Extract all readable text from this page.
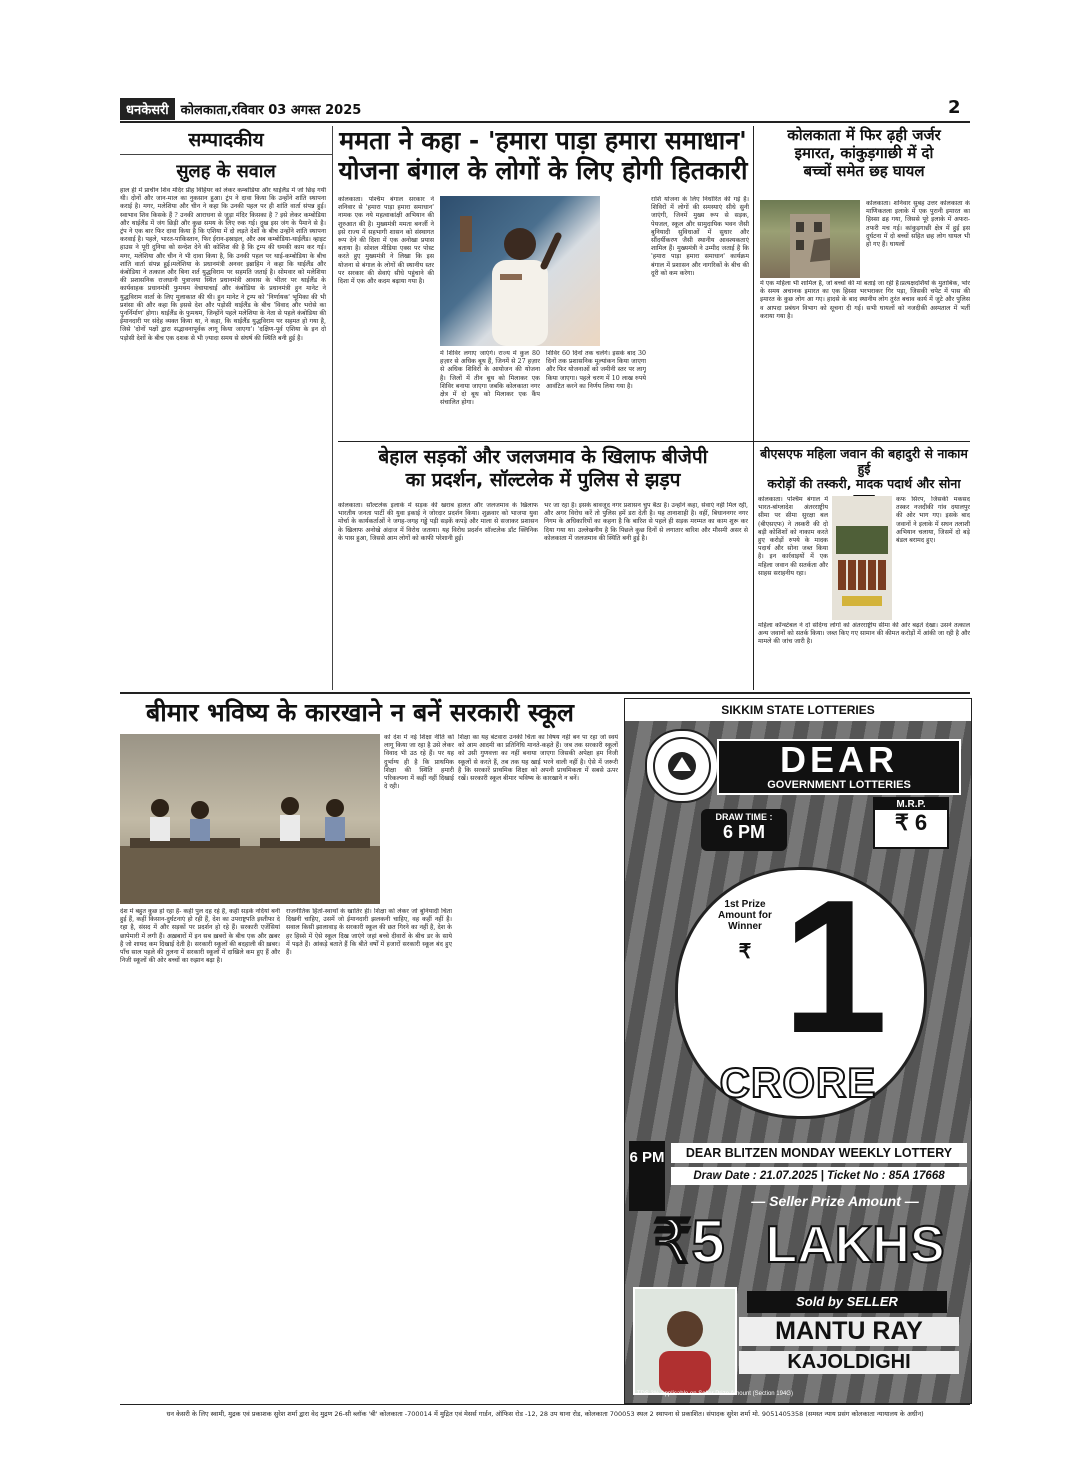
धनकेसरी कोलकाता,रविवार 03 अगस्त 2025	2
सम्पादकीय
सुलह के सवाल
हाल ही में प्राचीन शिव मंदिर प्रीह विहियर को लेकर कम्बोडिया और थाईलैंड में जो छिड़ गयी थी। दोनों और जान-माल का नुकसान हुआ। ट्रंप ने दावा किया कि उन्होंने शांति स्थापना कराई है। मगर, मलेशिया और चीन ने कहा कि उनकी पहल पर ही शांति वार्ता संपन्न हुई।स्वाभाव शिव किसके हैं ? उनकी आराधना से जुड़ा मंदिर किसका है ? इसे लेकर कम्बोडिया और थाईलैंड में जंग छिड़ी और कुछ समय के लिए रुक गई। दुख इस जंग के पैमाने से है। ट्रंप ने एक बार फिर दावा किया है कि एशिया में दो लड़ते देशों के बीच उन्होंने शांति स्थापना करवाई है। पहले, भारत-पाकिस्तान, फिर ईरान-इस्राइल, और अब कम्बोडिया-थाईलैंड। व्हाइट हाउस ने पूरी दुनिया को सन्देश देने की कोशिश की है कि ट्रम्प की धमकी काम कर गई। मगर, मलेशिया और चीन ने भी दावा किया है, कि उनकी पहल पर थाई-कम्बोडिया के बीच शांति वार्ता संपन्न हुई।मलेशिया के प्रधानमंत्री अनवर इब्राहिम ने कहा कि थाईलैंड और कंबोडिया ने तत्काल और बिना शर्त युद्धविराम पर सहमति जताई है। सोमवार को मलेशिया की प्रशासनिक राजधानी पुत्राजया स्थित प्रधानमंत्री आवास के भीतर पर थाईलैंड के कार्यवाहक प्रधानमंत्री फुमथम वेचायाचाई और कंबोडिया के प्रधानमंत्री हुन मानेट ने युद्धविराम वार्ता के लिए मुलाकात की थी। हुन मानेट ने ट्रम्प को 'निर्णायक' भूमिका की भी प्रशंसा की और कहा कि इससे देश और पड़ोसी थाईलैंड के बीच 'विवाद और भरोसे का पुनर्निर्माण' होगा। थाईलैंड के फुमथम, जिन्होंने पहले मलेशिया के नेता से पहले कंबोडिया की ईमानदारी पर संदेह व्यक्त किया था, ने कहा, कि थाईलैंड युद्धविराम पर सहमत हो गया है, जिसे 'दोनों पक्षों द्वारा सद्भावनापूर्वक लागू किया जाएगा'। 'दक्षिण-पूर्व एशिया के इन दो पड़ोसी देशों के बीच एक दशक से भी ज़्यादा समय से संघर्ष की स्थिति बनी हुई है।
ममता ने कहा - 'हमारा पाड़ा हमारा समाधान'
योजना बंगाल के लोगों के लिए होगी हितकारी
कोलकाता। पश्चिम बंगाल सरकार ने शनिवार से 'हमारा पाड़ा हमारा समाधान' नामक एक नये महत्वाकांक्षी अभियान की शुरुआत की है। मुख्यमंत्री ममता बनर्जी ने इसे राज्य में सहभागी शासन को संस्थागत रूप देने की दिशा में एक अनोखा प्रयास बताया है। सोशल मीडिया एक्स पर पोस्ट करते हुए मुख्यमंत्री ने लिखा कि इस योजना से बंगाल के लोगों की स्थानीय स्तर पर सरकार की सेवाएं सीधे पहुंचाने की दिशा में एक और कदम बढ़ाया गया है।
में शिविर लगाए जाएंगे। राज्य में कुल 80 हज़ार से अधिक बूथ हैं, जिनमें से 27 हज़ार से अधिक शिविरों के आयोजन की योजना है। जिलों में तीन बूथ को मिलाकर एक शिविर बनाया जाएगा जबकि कोलकाता नगर क्षेत्र में दो बूथ को मिलाकर एक कैंप संचालित होगा।
शिविर 60 दिनों तक चलेंगे। इसके बाद 30 दिनों तक प्रशासनिक मूल्यांकन किया जाएगा और फिर योजनाओं को जमीनी स्तर पर लागू किया जाएगा। पहले चरण में 10 लाख रुपये आवंटित करने का निर्णय लिया गया है।
राशि योजना के लिए निर्धारित की गई है। शिविरों में लोगों की समस्याएं सीधे सुनी जाएंगी, जिनमें मुख्य रूप से सड़क, पेयजल, स्कूल और सामुदायिक भवन जैसी बुनियादी सुविधाओं में सुधार और सौंदर्यीकरण जैसी स्थानीय आवश्यकताएं शामिल हैं। मुख्यमंत्री ने उम्मीद जताई है कि 'हमारा पाड़ा हमारा समाधान' कार्यक्रम बंगाल में प्रशासन और नागरिकों के बीच की दूरी को कम करेगा।
कोलकाता में फिर ढ़ही जर्जर
इमारत, कांकुड़गाछी में दो
बच्चों समेत छह घायल
कोलकाता। शनिवार सुबह उत्तर कोलकाता के माणिकतला इलाके में एक पुरानी इमारत का हिस्सा ढह गया, जिससे पूरे इलाके में अफरा-तफरी मच गई। कांकुड़गाछी क्षेत्र में हुई इस दुर्घटना में दो बच्चों सहित छह लोग घायल भी हो गए हैं। घायलों
में एक महिला भी शामिल है, जो बच्चों की मां बताई जा रही है।प्रत्यक्षदर्शियों के मुताबिक, भोर के समय अचानक इमारत का एक हिस्सा भरभराकर गिर पड़ा, जिसकी चपेट में पास की इमारत के कुछ लोग आ गए। हादसे के बाद स्थानीय लोग तुरंत बचाव कार्य में जुटे और पुलिस व आपदा प्रबंधन विभाग को सूचना दी गई। सभी घायलों को नजदीकी अस्पताल में भर्ती कराया गया है।
बेहाल सड़कों और जलजमाव के खिलाफ बीजेपी
का प्रदर्शन, सॉल्टलेक में पुलिस से झड़प
कोलकाता। सॉल्टलेक इलाके में सड़क की खराब हालत और जलजमाव के खिलाफ भारतीय जनता पार्टी की युवा इकाई ने जोरदार प्रदर्शन किया। शुक्रवार को भाजपा युवा मोर्चा के कार्यकर्ताओं ने जगह-जगह गड्ढे पड़ी सड़कें कपड़े और माला से सजाकर प्रशासन के खिलाफ अनोखे अंदाज में विरोध जताया। यह विरोध प्रदर्शन सॉल्टलेक डॉट क्लिनिक के पास हुआ, जिससे आम लोगों को काफी परेशानी हुई।
भर जा रहा है। इसके बावजूद नगर प्रशासन चुप बैठा है। उन्होंने कहा, सेवाएं नहीं मिल रहीं, और अगर विरोध करें तो पुलिस हमें डरा देती है। यह तानाशाही है। वहीं, बिधाननगर नगर निगम के अधिकारियों का कहना है कि बारिश से पहले ही सड़क मरम्मत का काम शुरू कर दिया गया था। उल्लेखनीय है कि पिछले कुछ दिनों से लगातार बारिश और मौसमी असर से कोलकाता में जलजमाव की स्थिति बनी हुई है।
बीएसएफ महिला जवान की बहादुरी से नाकाम हुई
करोड़ों की तस्करी, मादक पदार्थ और सोना
कोलकाता। पश्चिम बंगाल में भारत-बांग्लादेश अंतरराष्ट्रीय सीमा पर सीमा सुरक्षा बल (बीएसएफ) ने तस्करी की दो बड़ी कोशिशों को नाकाम करते हुए करोड़ों रुपये के मादक पदार्थ और सोना जब्त किया है। इन कार्रवाइयों में एक महिला जवान की सतर्कता और साहस सराहनीय रहा।
कफ सिरप, जिसकी मकसद तस्कर नजदीकी गांव दयालपुर की ओर भाग गए। इसके बाद जवानों ने इलाके में सघन तलाशी अभियान चलाया, जिसमें दो बड़े बंडल बरामद हुए।
महिला कॉन्स्टेबल ने दो संदिग्ध लोगों को अंतरराष्ट्रीय सीमा की ओर बढ़ते देखा। उसने तत्काल अन्य जवानों को सतर्क किया। जब्त किए गए सामान की कीमत करोड़ों में आंकी जा रही है और मामले की जांच जारी है।
बीमार भविष्य के कारखाने न बनें सरकारी स्कूल
को देश में नई शिक्षा नीति को लागू किया जा रहा है उसे लेकर विवाद भी उठ रहे हैं। पर यह दुर्भाग्य ही है कि प्राथमिक शिक्षा की स्थिति हमारी परिकल्पना में कहीं नहीं दिखाई दे रही।
देश में बहुत कुछ हो रहा है- कहीं पुल दह रहे हैं, कहीं सड़कें नदियां बनी हुई हैं, कहीं किसान-दुर्घटनाएं हो रही हैं, देश का उपराष्ट्रपति इस्तीफा दे रहा है, संसद में और सड़कों पर प्रदर्शन हो रहे हैं। सरकारी एजेंसियां छापेमारी में लगी हैं। अख़बारों में इन सब ख़बरों के बीच एक और ख़बर है जो शायद कम दिखाई देती है। सरकारी स्कूलों की बदहाली की ख़बर। पाँच साल पहले की तुलना में सरकारी स्कूलों में दाखिले कम हुए हैं और निजी स्कूलों की ओर बच्चों का रुझान बढ़ा है।
राजनीतिक हितों-स्वार्थों के खातिर ही। शिक्षा को लेकर जो बुनियादी चिंता दिखनी चाहिए, उसमें जो ईमानदारी झलकनी चाहिए, वह कहीं नहीं है। सवाल किसी झालावाड़ के सरकारी स्कूल की छत गिरने का नहीं है, देश के हर हिस्से में ऐसे स्कूल दिख जाएंगे जहां बच्चे दीवारों के बीच डर के साये में पढ़ते हैं। आंकड़े बताते हैं कि बीते वर्षों में हजारों सरकारी स्कूल बंद हुए हैं।
शिक्षा का यह बंटवारा उनकी चिंता का विषय नहीं बन पा रहा जो स्वयं को आम आदमी का प्रतिनिधि मानते-कहते हैं। जब तक सरकारी स्कूलों को उसी गुणवत्ता का नहीं बनाया जाएगा जिसकी अपेक्षा हम निजी स्कूलों से करते हैं, तब तक यह खाई भरने वाली नहीं है। ऐसे में जरूरी है कि सरकारें प्राथमिक शिक्षा को अपनी प्राथमिकता में सबसे ऊपर रखें। सरकारी स्कूल बीमार भविष्य के कारखाने न बनें।
SIKKIM STATE LOTTERIES
DEAR
GOVERNMENT LOTTERIES
DRAW TIME :
6 PM
M.R.P.
₹ 6
1st Prize Amount for Winner
₹ 1
CRORE
6 PM	DEAR BLITZEN MONDAY WEEKLY LOTTERY
Draw Date : 21.07.2025 | Ticket No : 85A 17668
— Seller Prize Amount —
₹5 LAKHS
Sold by SELLER
MANTU RAY
KAJOLDIGHI
* TDS 3% Applicable on Seller Prize Amount (Section 194G)
धन केसरी के लिए स्वामी, मुद्रक एवं प्रकाशक सुरेश शर्मा द्वारा वेद मुद्रण 26-सी ब्लॉक 'बी' कोलकाता -700014 में मुद्रित एवं मेसर्स गार्डन, ऑफिस रोड -12, 28 उप थाना रोड, कोलकाता 700053 स्थल 2 स्थापना से प्रकाशित। संपादक सुरेश शर्मा मो. 9051405358 (समस्त न्याय प्रसंग कोलकाता न्यायालय के अधीन)
